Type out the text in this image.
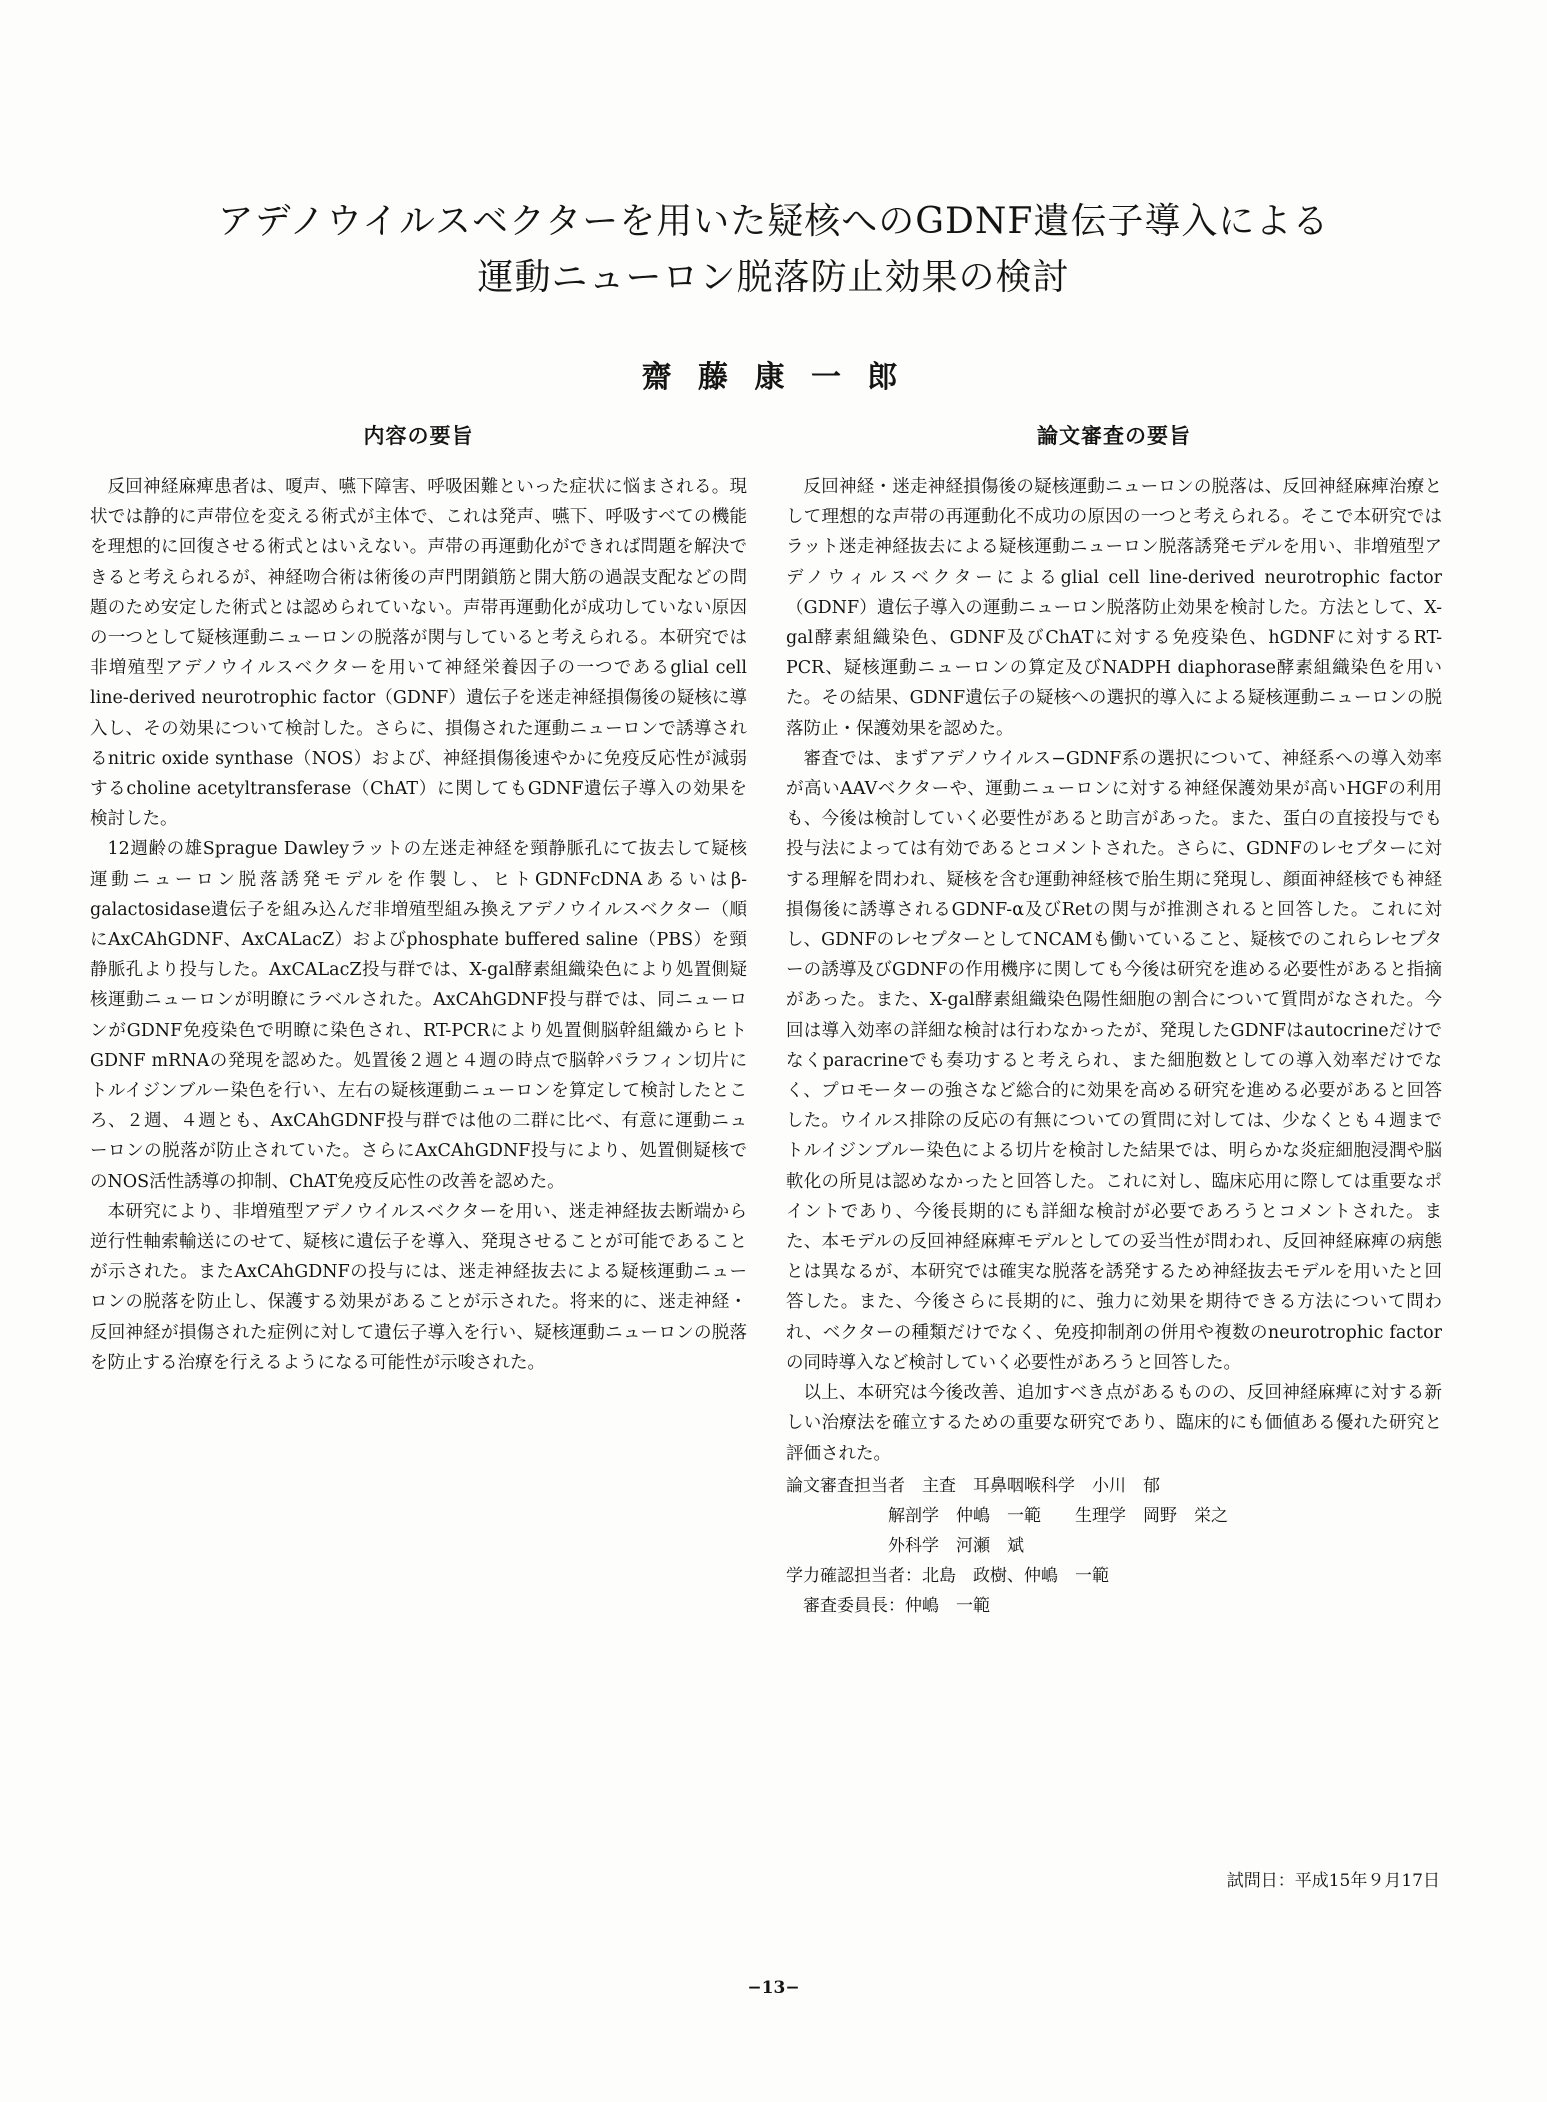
アデノウイルスベクターを用いた疑核へのGDNF遺伝子導入による
運動ニューロン脱落防止効果の検討
齋 藤 康 一 郎
内容の要旨

反回神経麻痺患者は、嗄声、嚥下障害、呼吸困難といった症状に悩まされる。現状では静的に声帯位を変える術式が主体で、これは発声、嚥下、呼吸すべての機能を理想的に回復させる術式とはいえない。声帯の再運動化ができれば問題を解決できると考えられるが、神経吻合術は術後の声門閉鎖筋と開大筋の過誤支配などの問題のため安定した術式とは認められていない。声帯再運動化が成功していない原因の一つとして疑核運動ニューロンの脱落が関与していると考えられる。本研究では非増殖型アデノウイルスベクターを用いて神経栄養因子の一つであるglial cell line-derived neurotrophic factor（GDNF）遺伝子を迷走神経損傷後の疑核に導入し、その効果について検討した。さらに、損傷された運動ニューロンで誘導されるnitric oxide synthase（NOS）および、神経損傷後速やかに免疫反応性が減弱するcholine acetyltransferase（ChAT）に関してもGDNF遺伝子導入の効果を検討した。

12週齢の雄Sprague Dawleyラットの左迷走神経を頸静脈孔にて抜去して疑核運動ニューロン脱落誘発モデルを作製し、ヒトGDNFcDNAあるいはβ-galactosidase遺伝子を組み込んだ非増殖型組み換えアデノウイルスベクター（順にAxCAhGDNF、AxCALacZ）およびphosphate buffered saline（PBS）を頸静脈孔より投与した。AxCALacZ投与群では、X-gal酵素組織染色により処置側疑核運動ニューロンが明瞭にラベルされた。AxCAhGDNF投与群では、同ニューロンがGDNF免疫染色で明瞭に染色され、RT-PCRにより処置側脳幹組織からヒトGDNF mRNAの発現を認めた。処置後２週と４週の時点で脳幹パラフィン切片にトルイジンブルー染色を行い、左右の疑核運動ニューロンを算定して検討したところ、２週、４週とも、AxCAhGDNF投与群では他の二群に比べ、有意に運動ニューロンの脱落が防止されていた。さらにAxCAhGDNF投与により、処置側疑核でのNOS活性誘導の抑制、ChAT免疫反応性の改善を認めた。

本研究により、非増殖型アデノウイルスベクターを用い、迷走神経抜去断端から逆行性軸索輸送にのせて、疑核に遺伝子を導入、発現させることが可能であることが示された。またAxCAhGDNFの投与には、迷走神経抜去による疑核運動ニューロンの脱落を防止し、保護する効果があることが示された。将来的に、迷走神経・反回神経が損傷された症例に対して遺伝子導入を行い、疑核運動ニューロンの脱落を防止する治療を行えるようになる可能性が示唆された。

論文審査の要旨

反回神経・迷走神経損傷後の疑核運動ニューロンの脱落は、反回神経麻痺治療として理想的な声帯の再運動化不成功の原因の一つと考えられる。そこで本研究ではラット迷走神経抜去による疑核運動ニューロン脱落誘発モデルを用い、非増殖型アデノウィルスベクターによるglial cell line-derived neurotrophic factor（GDNF）遺伝子導入の運動ニューロン脱落防止効果を検討した。方法として、X-gal酵素組織染色、GDNF及びChATに対する免疫染色、hGDNFに対するRT-PCR、疑核運動ニューロンの算定及びNADPH diaphorase酵素組織染色を用いた。その結果、GDNF遺伝子の疑核への選択的導入による疑核運動ニューロンの脱落防止・保護効果を認めた。

審査では、まずアデノウイルス−GDNF系の選択について、神経系への導入効率が高いAAVベクターや、運動ニューロンに対する神経保護効果が高いHGFの利用も、今後は検討していく必要性があると助言があった。また、蛋白の直接投与でも投与法によっては有効であるとコメントされた。さらに、GDNFのレセプターに対する理解を問われ、疑核を含む運動神経核で胎生期に発現し、顔面神経核でも神経損傷後に誘導されるGDNF-α及びRetの関与が推測されると回答した。これに対し、GDNFのレセプターとしてNCAMも働いていること、疑核でのこれらレセプターの誘導及びGDNFの作用機序に関しても今後は研究を進める必要性があると指摘があった。また、X-gal酵素組織染色陽性細胞の割合について質問がなされた。今回は導入効率の詳細な検討は行わなかったが、発現したGDNFはautocrineだけでなくparacrineでも奏功すると考えられ、また細胞数としての導入効率だけでなく、プロモーターの強さなど総合的に効果を高める研究を進める必要があると回答した。ウイルス排除の反応の有無についての質問に対しては、少なくとも４週までトルイジンブルー染色による切片を検討した結果では、明らかな炎症細胞浸潤や脳軟化の所見は認めなかったと回答した。これに対し、臨床応用に際しては重要なポイントであり、今後長期的にも詳細な検討が必要であろうとコメントされた。また、本モデルの反回神経麻痺モデルとしての妥当性が問われ、反回神経麻痺の病態とは異なるが、本研究では確実な脱落を誘発するため神経抜去モデルを用いたと回答した。また、今後さらに長期的に、強力に効果を期待できる方法について問われ、ベクターの種類だけでなく、免疫抑制剤の併用や複数のneurotrophic factorの同時導入など検討していく必要性があろうと回答した。

以上、本研究は今後改善、追加すべき点があるものの、反回神経麻痺に対する新しい治療法を確立するための重要な研究であり、臨床的にも価値ある優れた研究と評価された。

論文審査担当者　主査　耳鼻咽喉科学　小川　郁
　　　　　　解剖学　仲嶋　一範　　生理学　岡野　栄之
　　　　　　外科学　河瀬　斌
学力確認担当者：北島　政樹、仲嶋　一範
　審査委員長：仲嶋　一範
試問日：平成15年９月17日
−13−
